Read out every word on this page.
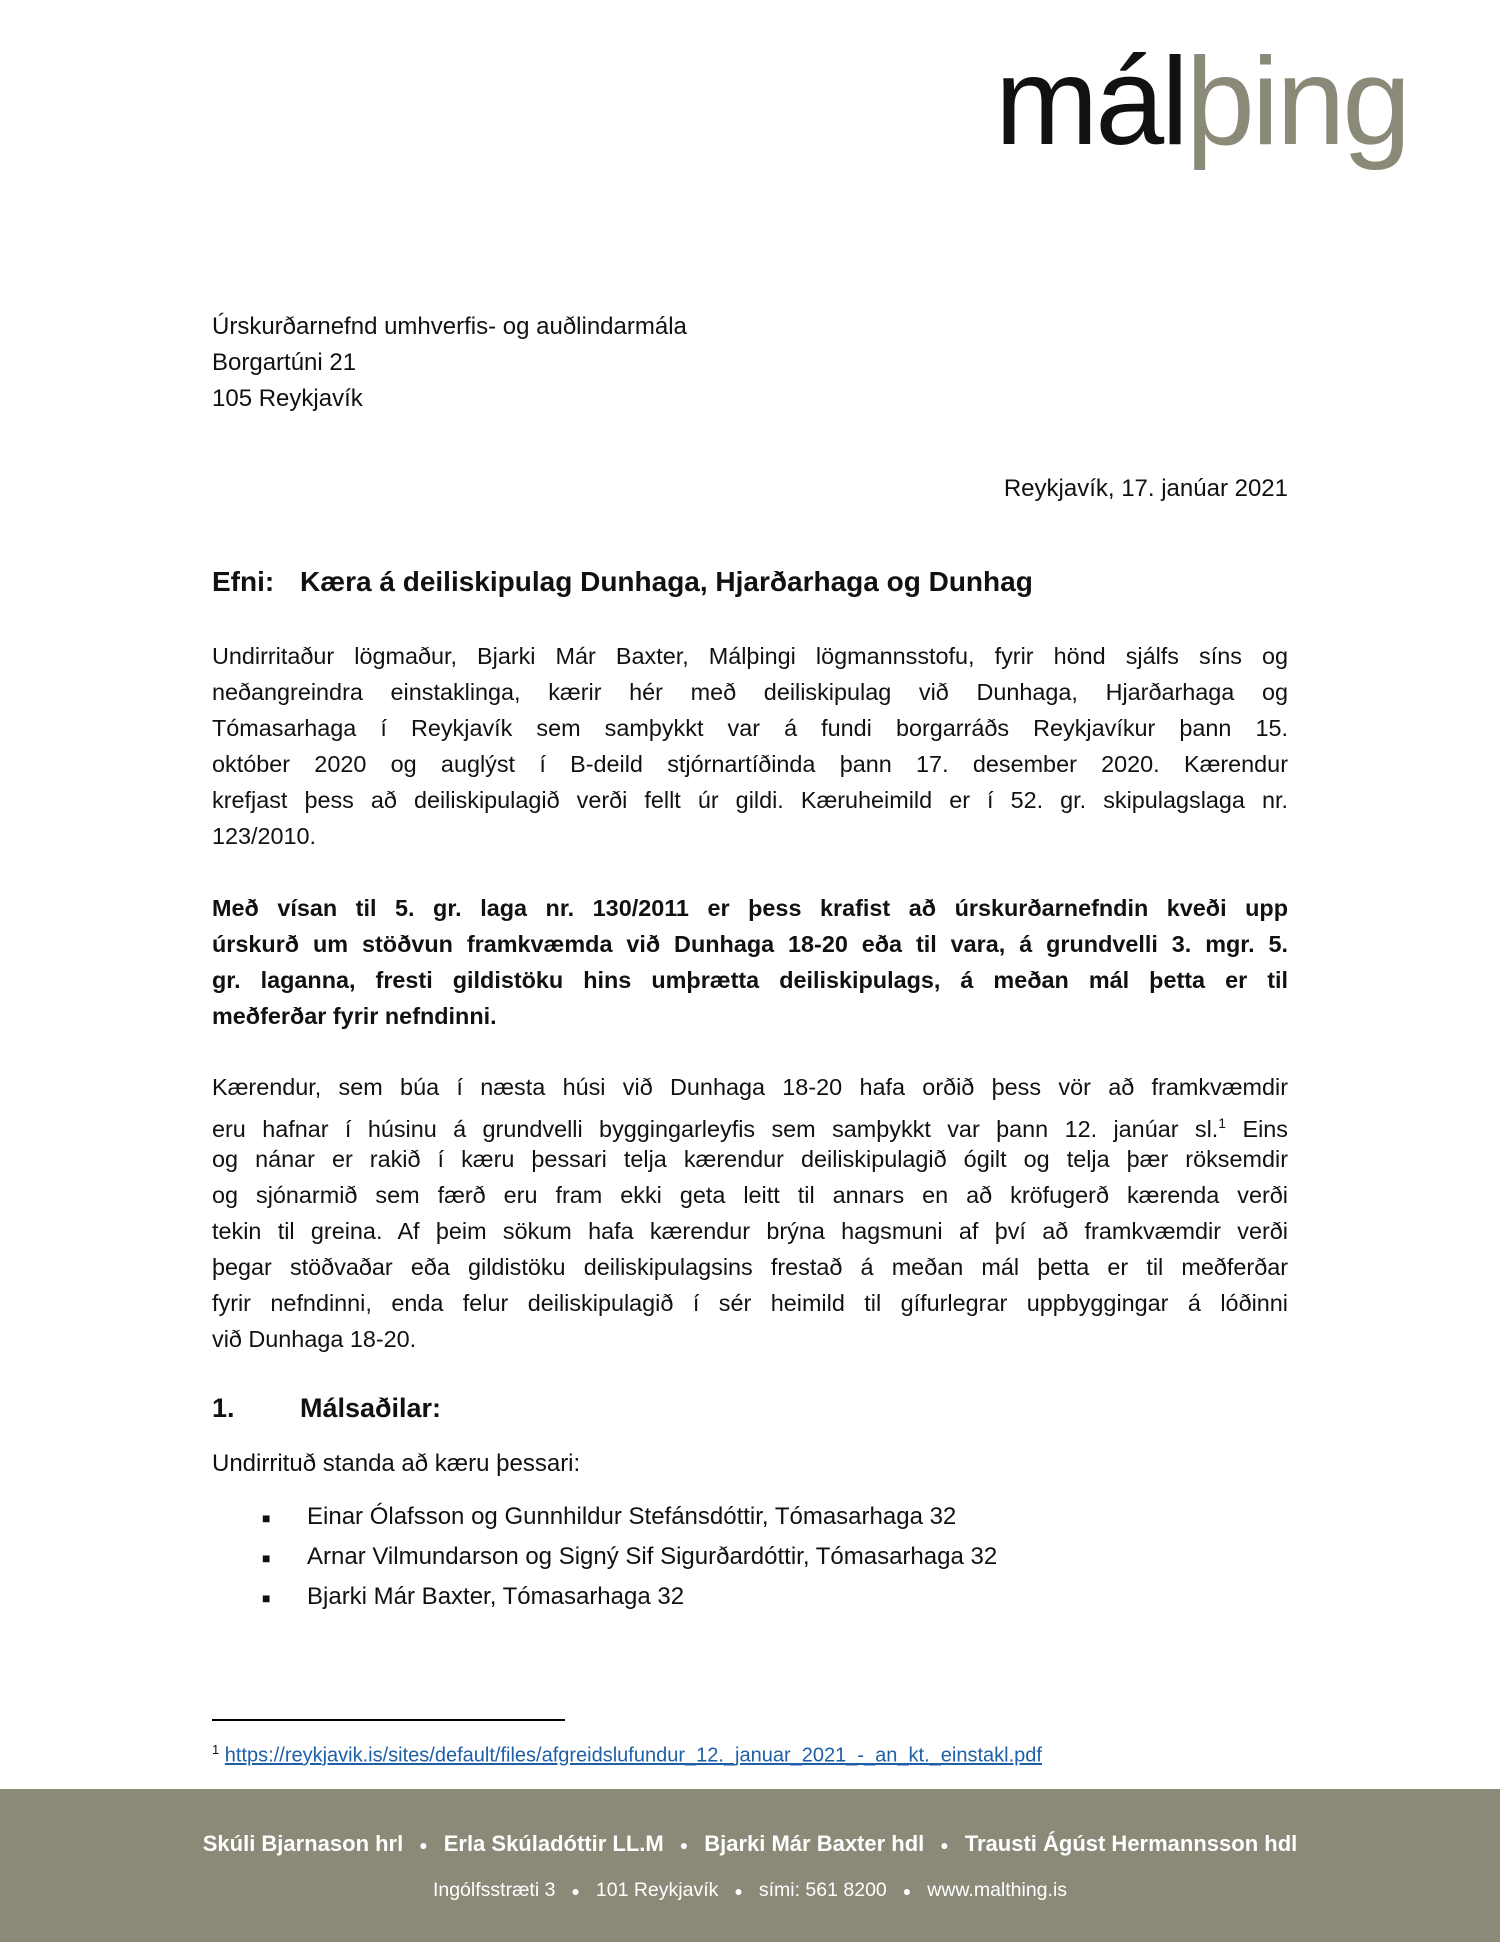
málþing
Úrskurðarnefnd umhverfis- og auðlindarmála
Borgartúni 21
105 Reykjavík
Reykjavík, 17. janúar 2021
Efni: Kæra á deiliskipulag Dunhaga, Hjarðarhaga og Dunhag
Undirritaður lögmaður, Bjarki Már Baxter, Málþingi lögmannsstofu, fyrir hönd sjálfs síns og
neðangreindra einstaklinga, kærir hér með deiliskipulag við Dunhaga, Hjarðarhaga og
Tómasarhaga í Reykjavík sem samþykkt var á fundi borgarráðs Reykjavíkur þann 15.
október 2020 og auglýst í B-deild stjórnartíðinda þann 17. desember 2020. Kærendur
krefjast þess að deiliskipulagið verði fellt úr gildi. Kæruheimild er í 52. gr. skipulagslaga nr.
123/2010.
Með vísan til 5. gr. laga nr. 130/2011 er þess krafist að úrskurðarnefndin kveði upp
úrskurð um stöðvun framkvæmda við Dunhaga 18-20 eða til vara, á grundvelli 3. mgr. 5.
gr. laganna, fresti gildistöku hins umþrætta deiliskipulags, á meðan mál þetta er til
meðferðar fyrir nefndinni.
Kærendur, sem búa í næsta húsi við Dunhaga 18-20 hafa orðið þess vör að framkvæmdir
eru hafnar í húsinu á grundvelli byggingarleyfis sem samþykkt var þann 12. janúar sl.$^1$ Eins
og nánar er rakið í kæru þessari telja kærendur deiliskipulagið ógilt og telja þær röksemdir
og sjónarmið sem færð eru fram ekki geta leitt til annars en að kröfugerð kærenda verði
tekin til greina. Af þeim sökum hafa kærendur brýna hagsmuni af því að framkvæmdir verði
þegar stöðvaðar eða gildistöku deiliskipulagsins frestað á meðan mál þetta er til meðferðar
fyrir nefndinni, enda felur deiliskipulagið í sér heimild til gífurlegrar uppbyggingar á lóðinni
við Dunhaga 18-20.
1. Málsaðilar:
Undirrituð standa að kæru þessari:
■ Einar Ólafsson og Gunnhildur Stefánsdóttir, Tómasarhaga 32
■ Arnar Vilmundarson og Signý Sif Sigurðardóttir, Tómasarhaga 32
■ Bjarki Már Baxter, Tómasarhaga 32
$^1$ https://reykjavik.is/sites/default/files/afgreidslufundur_12._januar_2021_-_an_kt._einstakl.pdf
Skúli Bjarnason hrl ● Erla Skúladóttir LL.M ● Bjarki Már Baxter hdl ● Trausti Ágúst Hermannsson hdl
Ingólfsstræti 3 ● 101 Reykjavík ● sími: 561 8200 ● www.malthing.is
